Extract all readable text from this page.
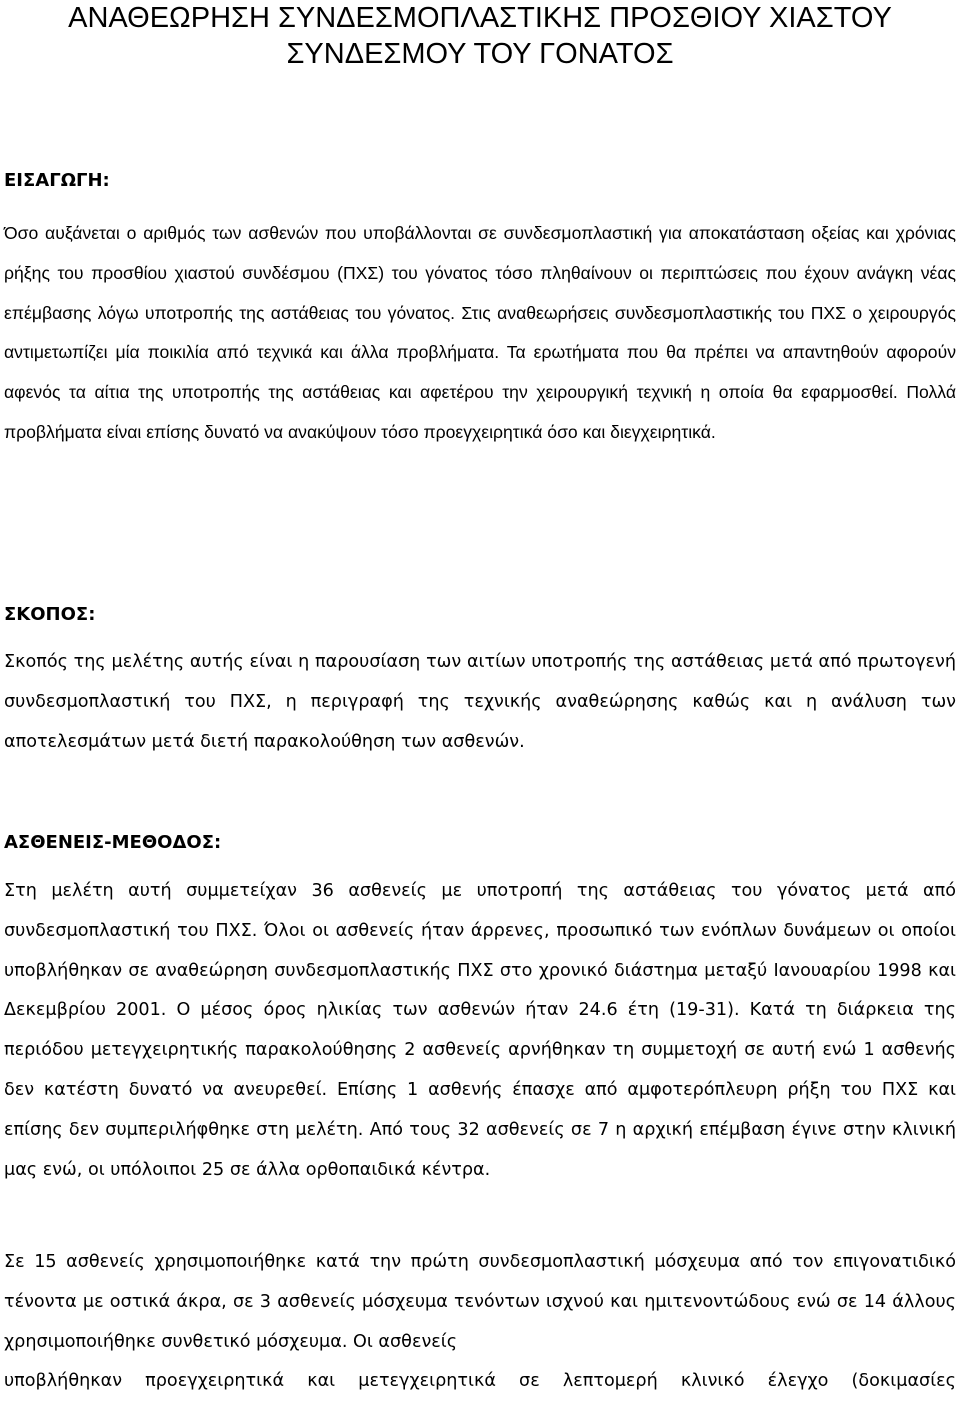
ΑΝΑΘΕΩΡΗΣΗ ΣΥΝΔΕΣΜΟΠΛΑΣΤΙΚΗΣ ΠΡΟΣΘΙΟΥ ΧΙΑΣΤΟΥ
ΣΥΝΔΕΣΜΟΥ ΤΟΥ ΓΟΝΑΤΟΣ
ΕΙΣΑΓΩΓΗ:

Όσο αυξάνεται ο αριθμός των ασθενών που υποβάλλονται σε συνδεσμοπλαστική για αποκατάσταση οξείας και χρόνιας ρήξης του προσθίου χιαστού συνδέσμου (ΠΧΣ) του γόνατος τόσο πληθαίνουν οι περιπτώσεις που έχουν ανάγκη νέας επέμβασης λόγω υποτροπής της αστάθειας του γόνατος. Στις αναθεωρήσεις συνδεσμοπλαστικής του ΠΧΣ ο χειρουργός αντιμετωπίζει μία ποικιλία από τεχνικά και άλλα προβλήματα. Τα ερωτήματα που θα πρέπει να απαντηθούν αφορούν αφενός τα αίτια της υποτροπής της αστάθειας και αφετέρου την χειρουργική τεχνική η οποία θα εφαρμοσθεί. Πολλά προβλήματα είναι επίσης δυνατό να ανακύψουν τόσο προεγχειρητικά όσο και διεγχειρητικά.

ΣΚΟΠΟΣ:

Σκοπός της μελέτης αυτής είναι η παρουσίαση των αιτίων υποτροπής της αστάθειας μετά από πρωτογενή συνδεσμοπλαστική του ΠΧΣ, η περιγραφή της τεχνικής αναθεώρησης καθώς και η ανάλυση των αποτελεσμάτων μετά διετή παρακολούθηση των ασθενών.

ΑΣΘΕΝΕΙΣ-ΜΕΘΟΔΟΣ:

Στη μελέτη αυτή συμμετείχαν 36 ασθενείς με υποτροπή της αστάθειας του γόνατος μετά από συνδεσμοπλαστική του ΠΧΣ. Όλοι οι ασθενείς ήταν άρρενες, προσωπικό των ενόπλων δυνάμεων οι οποίοι υποβλήθηκαν σε αναθεώρηση συνδεσμοπλαστικής ΠΧΣ στο χρονικό διάστημα μεταξύ Ιανουαρίου 1998 και Δεκεμβρίου 2001. Ο μέσος όρος ηλικίας των ασθενών ήταν 24.6 έτη (19-31). Κατά τη διάρκεια της περιόδου μετεγχειρητικής παρακολούθησης 2 ασθενείς αρνήθηκαν τη συμμετοχή σε αυτή ενώ 1 ασθενής δεν κατέστη δυνατό να ανευρεθεί. Επίσης 1 ασθενής έπασχε από αμφοτερόπλευρη ρήξη του ΠΧΣ και επίσης δεν συμπεριλήφθηκε στη μελέτη. Από τους 32 ασθενείς σε 7 η αρχική επέμβαση έγινε στην κλινική μας ενώ, οι υπόλοιποι 25 σε άλλα ορθοπαιδικά κέντρα.

Σε 15 ασθενείς χρησιμοποιήθηκε κατά την πρώτη συνδεσμοπλαστική μόσχευμα από τον επιγονατιδικό τένοντα με οστικά άκρα, σε 3 ασθενείς μόσχευμα τενόντων ισχνού και ημιτενοντώδους ενώ σε 14 άλλους χρησιμοποιήθηκε συνθετικό μόσχευμα. Οι ασθενείς
υποβλήθηκαν προεγχειρητικά και μετεγχειρητικά σε λεπτομερή κλινικό έλεγχο (δοκιμασίες
